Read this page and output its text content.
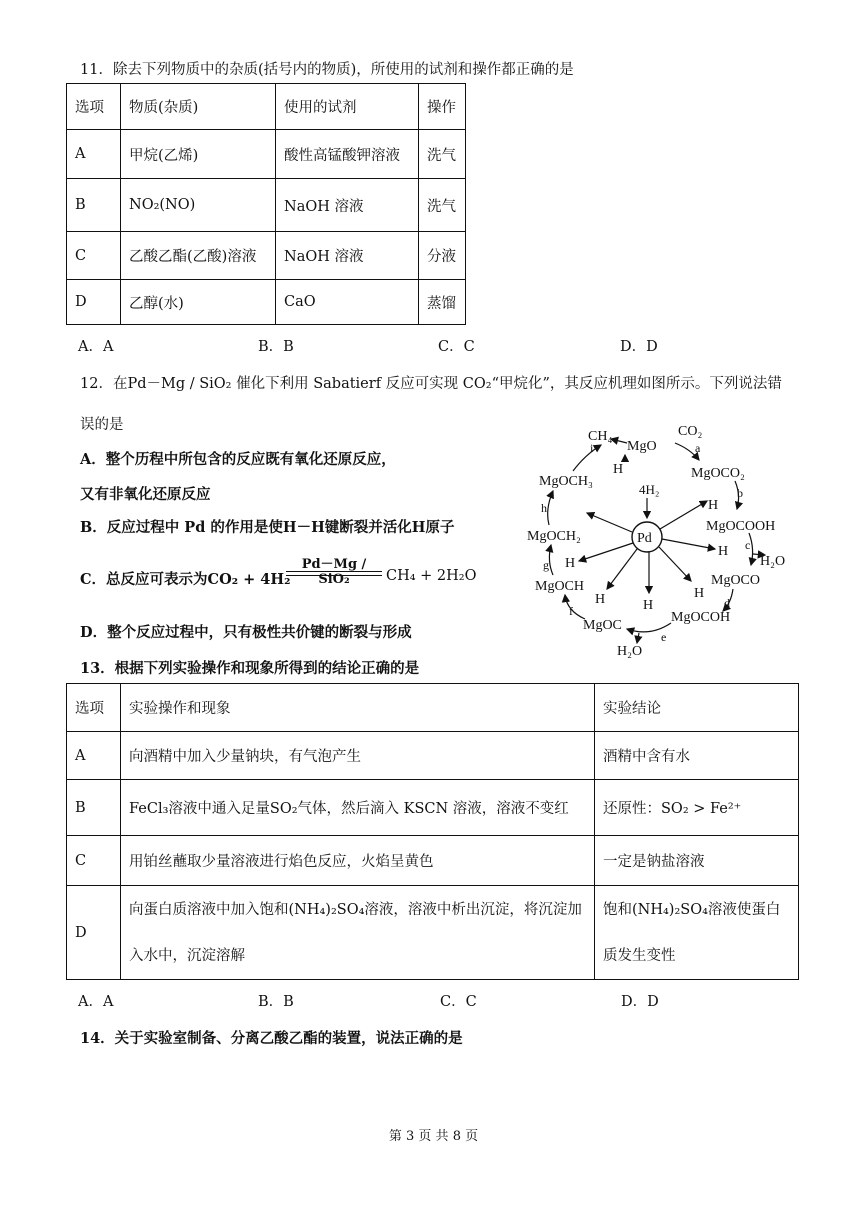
11．除去下列物质中的杂质(括号内的物质)，所使用的试剂和操作都正确的是
选项	物质(杂质)	使用的试剂	操作
A	甲烷(乙烯)	酸性高锰酸钾溶液	洗气
B	NO₂(NO)	NaOH 溶液	洗气
C	乙酸乙酯(乙酸)溶液	NaOH 溶液	分液
D	乙醇(水)	CaO	蒸馏
A．A	B．B	C．C	D．D
12．在Pd－Mg / SiO₂ 催化下利用 Sabatierf 反应可实现 CO₂“甲烷化”，其反应机理如图所示。下列说法错
误的是
A．整个历程中所包含的反应既有氧化还原反应，
又有非氧化还原反应
B．反应过程中 Pd 的作用是使H－H键断裂并活化H原子
C．总反应可表示为CO₂ + 4H₂
Pd－Mg / SiO₂	CH₄ + 2H₂O
D．整个反应过程中，只有极性共价键的断裂与形成
Pd
4H₂
CH₄
MgO
CO₂
MgOCO₂
MgOCOOH
H₂O
MgOCO
MgOCOH
MgOC
H₂O
MgOCH
MgOCH₂
MgOCH₃
a
b
c
d
e
f
g
h
i
H
H
H
H
H
H
H
13．根据下列实验操作和现象所得到的结论正确的是
选项	实验操作和现象	实验结论
A	向酒精中加入少量钠块，有气泡产生	酒精中含有水
B	FeCl₃溶液中通入足量SO₂气体，然后滴入 KSCN 溶液，溶液不变红	还原性：SO₂ > Fe²⁺
C	用铂丝蘸取少量溶液进行焰色反应，火焰呈黄色	一定是钠盐溶液
D	向蛋白质溶液中加入饱和(NH₄)₂SO₄溶液，溶液中析出沉淀，将沉淀加入水中，沉淀溶解	饱和(NH₄)₂SO₄溶液使蛋白质发生变性
A．A	B．B	C．C	D．D
14．关于实验室制备、分离乙酸乙酯的装置，说法正确的是
第 3 页 共 8 页
